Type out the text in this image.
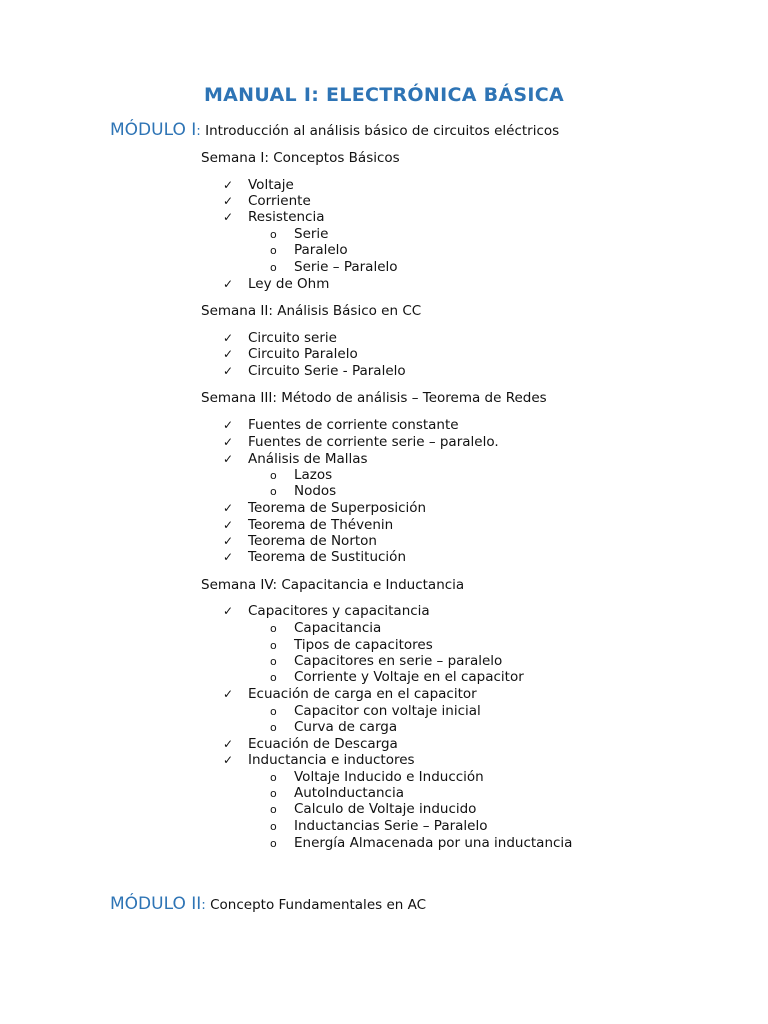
MANUAL I: ELECTRÓNICA BÁSICA
MÓDULO I: Introducción al análisis básico de circuitos eléctricos
Semana I: Conceptos Básicos
✓ Voltaje
✓ Corriente
✓ Resistencia
o Serie
o Paralelo
o Serie – Paralelo
✓ Ley de Ohm
Semana II: Análisis Básico en CC
✓ Circuito serie
✓ Circuito Paralelo
✓ Circuito Serie - Paralelo
Semana III: Método de análisis – Teorema de Redes
✓ Fuentes de corriente constante
✓ Fuentes de corriente serie – paralelo.
✓ Análisis de Mallas
o Lazos
o Nodos
✓ Teorema de Superposición
✓ Teorema de Thévenin
✓ Teorema de Norton
✓ Teorema de Sustitución
Semana IV: Capacitancia e Inductancia
✓ Capacitores y capacitancia
o Capacitancia
o Tipos de capacitores
o Capacitores en serie – paralelo
o Corriente y Voltaje en el capacitor
✓ Ecuación de carga en el capacitor
o Capacitor con voltaje inicial
o Curva de carga
✓ Ecuación de Descarga
✓ Inductancia e inductores
o Voltaje Inducido e Inducción
o AutoInductancia
o Calculo de Voltaje inducido
o Inductancias Serie – Paralelo
o Energía Almacenada por una inductancia
MÓDULO II: Concepto Fundamentales en AC
